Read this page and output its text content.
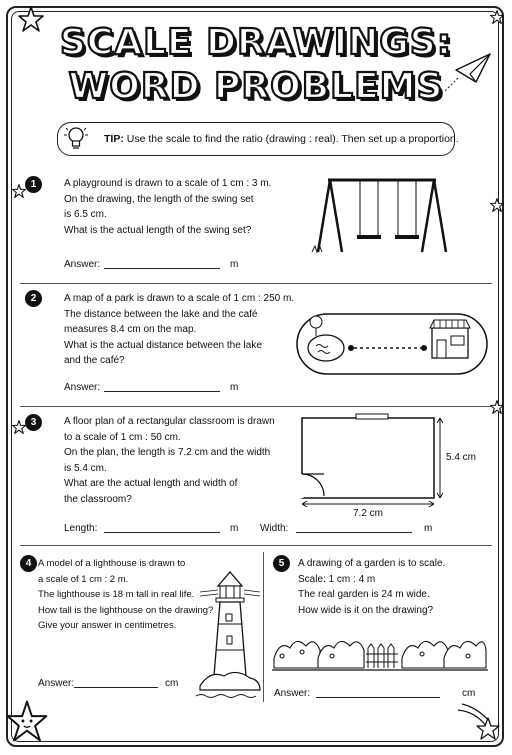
SCALE DRAWINGS:
WORD PROBLEMS
TIP: Use the scale to find the ratio (drawing : real). Then set up a proportion.
1	A playground is drawn to a scale of 1 cm : 3 m.
On the drawing, the length of the swing set
is 6.5 cm.
What is the actual length of the swing set?
Answer:	m
2	A map of a park is drawn to a scale of 1 cm : 250 m.
The distance between the lake and the café
measures 8.4 cm on the map.
What is the actual distance between the lake
and the café?
Answer:	m
3	A floor plan of a rectangular classroom is drawn
to a scale of 1 cm : 50 cm.
On the plan, the length is 7.2 cm and the width
is 5.4 cm.
What are the actual length and width of
the classroom?
Length:	m Width:	m
7.2 cm
5.4 cm
4 A model of a lighthouse is drawn to
a scale of 1 cm : 2 m.
The lighthouse is 18 m tall in real life.
How tall is the lighthouse on the drawing?
Give your answer in centimetres.
Answer:	cm
5	A drawing of a garden is to scale.
Scale: 1 cm : 4 m
The real garden is 24 m wide.
How wide is it on the drawing?
Answer:	cm
